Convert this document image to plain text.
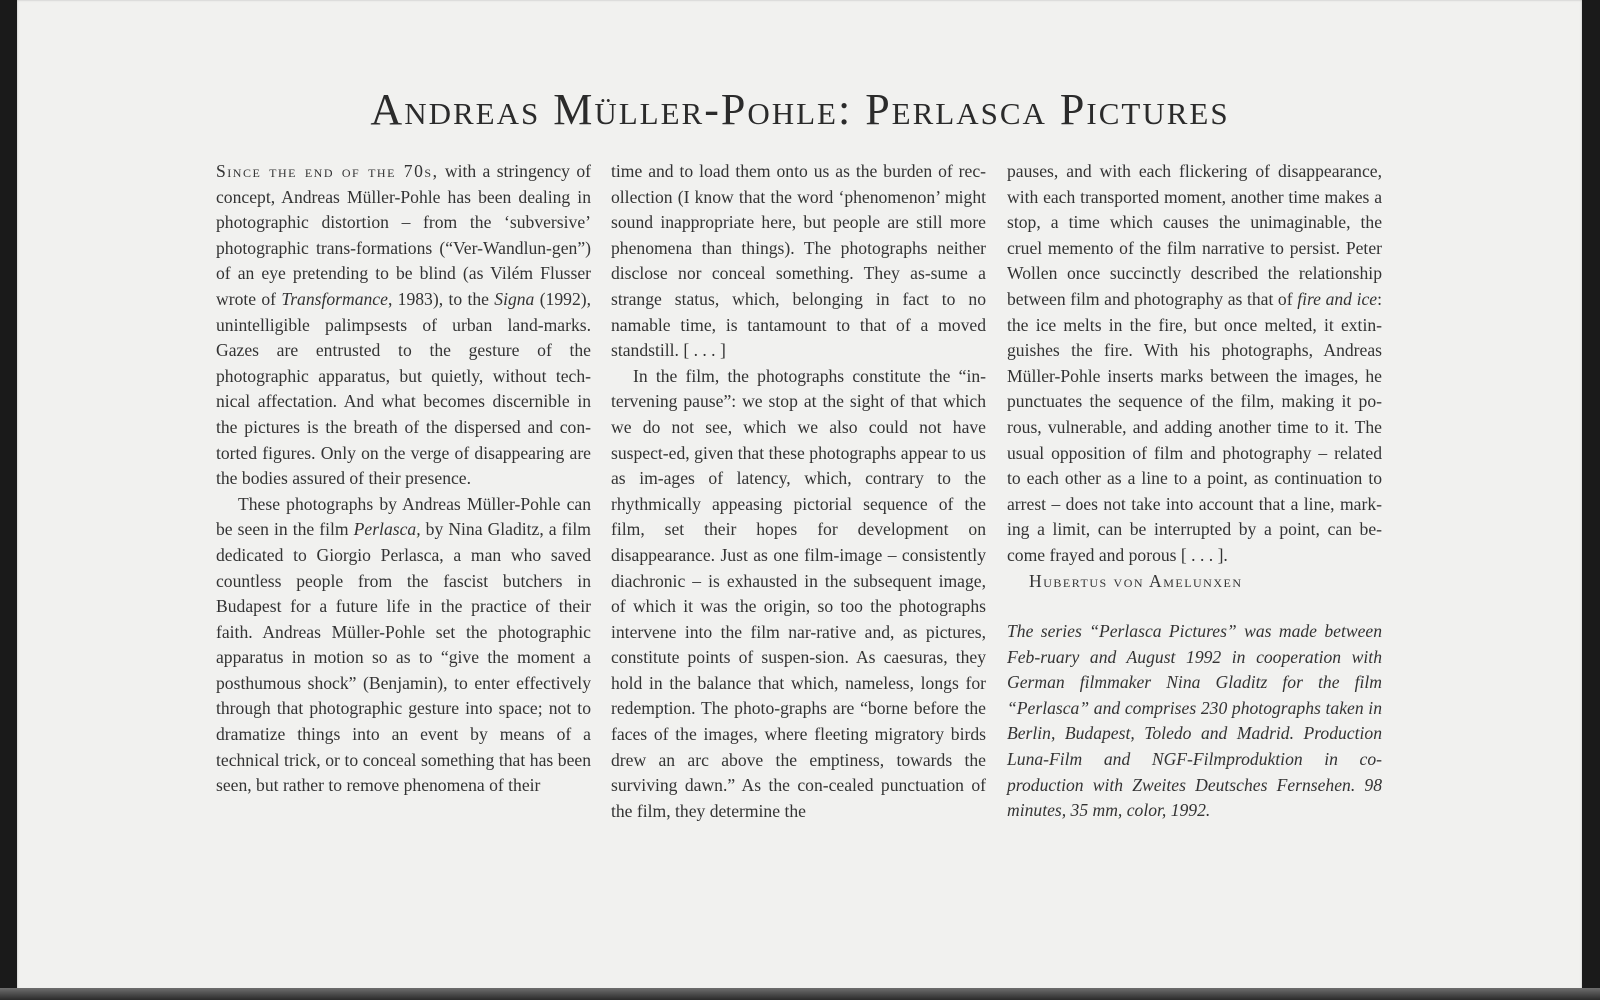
Andreas Müller-Pohle: Perlasca Pictures

Since the end of the 70s, with a stringency of concept, Andreas Müller-Pohle has been dealing in photographic distortion – from the ‘subversive’ photographic trans-formations (“Ver-Wandlun-gen”) of an eye pretending to be blind (as Vilém Flusser wrote of Transformance, 1983), to the Signa (1992), unintelligible palimpsests of urban land-marks. Gazes are entrusted to the gesture of the photographic apparatus, but quietly, without tech-nical affectation. And what becomes discernible in the pictures is the breath of the dispersed and con-torted figures. Only on the verge of disappearing are the bodies assured of their presence.

These photographs by Andreas Müller-Pohle can be seen in the film Perlasca, by Nina Gladitz, a film dedicated to Giorgio Perlasca, a man who saved countless people from the fascist butchers in Budapest for a future life in the practice of their faith. Andreas Müller-Pohle set the photographic apparatus in motion so as to “give the moment a posthumous shock” (Benjamin), to enter effectively through that photographic gesture into space; not to dramatize things into an event by means of a technical trick, or to conceal something that has been seen, but rather to remove phenomena of their

time and to load them onto us as the burden of rec-ollection (I know that the word ‘phenomenon’ might sound inappropriate here, but people are still more phenomena than things). The photographs neither disclose nor conceal something. They as-sume a strange status, which, belonging in fact to no namable time, is tantamount to that of a moved standstill. [ . . . ]

In the film, the photographs constitute the “in-tervening pause”: we stop at the sight of that which we do not see, which we also could not have suspect-ed, given that these photographs appear to us as im-ages of latency, which, contrary to the rhythmically appeasing pictorial sequence of the film, set their hopes for development on disappearance. Just as one film-image – consistently diachronic – is exhausted in the subsequent image, of which it was the origin, so too the photographs intervene into the film nar-rative and, as pictures, constitute points of suspen-sion. As caesuras, they hold in the balance that which, nameless, longs for redemption. The photo-graphs are “borne before the faces of the images, where fleeting migratory birds drew an arc above the emptiness, towards the surviving dawn.” As the con-cealed punctuation of the film, they determine the

pauses, and with each flickering of disappearance, with each transported moment, another time makes a stop, a time which causes the unimaginable, the cruel memento of the film narrative to persist. Peter Wollen once succinctly described the relationship between film and photography as that of fire and ice: the ice melts in the fire, but once melted, it extin-guishes the fire. With his photographs, Andreas Müller-Pohle inserts marks between the images, he punctuates the sequence of the film, making it po-rous, vulnerable, and adding another time to it. The usual opposition of film and photography – related to each other as a line to a point, as continuation to arrest – does not take into account that a line, mark-ing a limit, can be interrupted by a point, can be-come frayed and porous [ . . . ].

Hubertus von Amelunxen

The series “Perlasca Pictures” was made between Feb-ruary and August 1992 in cooperation with German filmmaker Nina Gladitz for the film “Perlasca” and comprises 230 photographs taken in Berlin, Budapest, Toledo and Madrid. Production Luna-Film and NGF-Filmproduktion in co-production with Zweites Deutsches Fernsehen. 98 minutes, 35 mm, color, 1992.
